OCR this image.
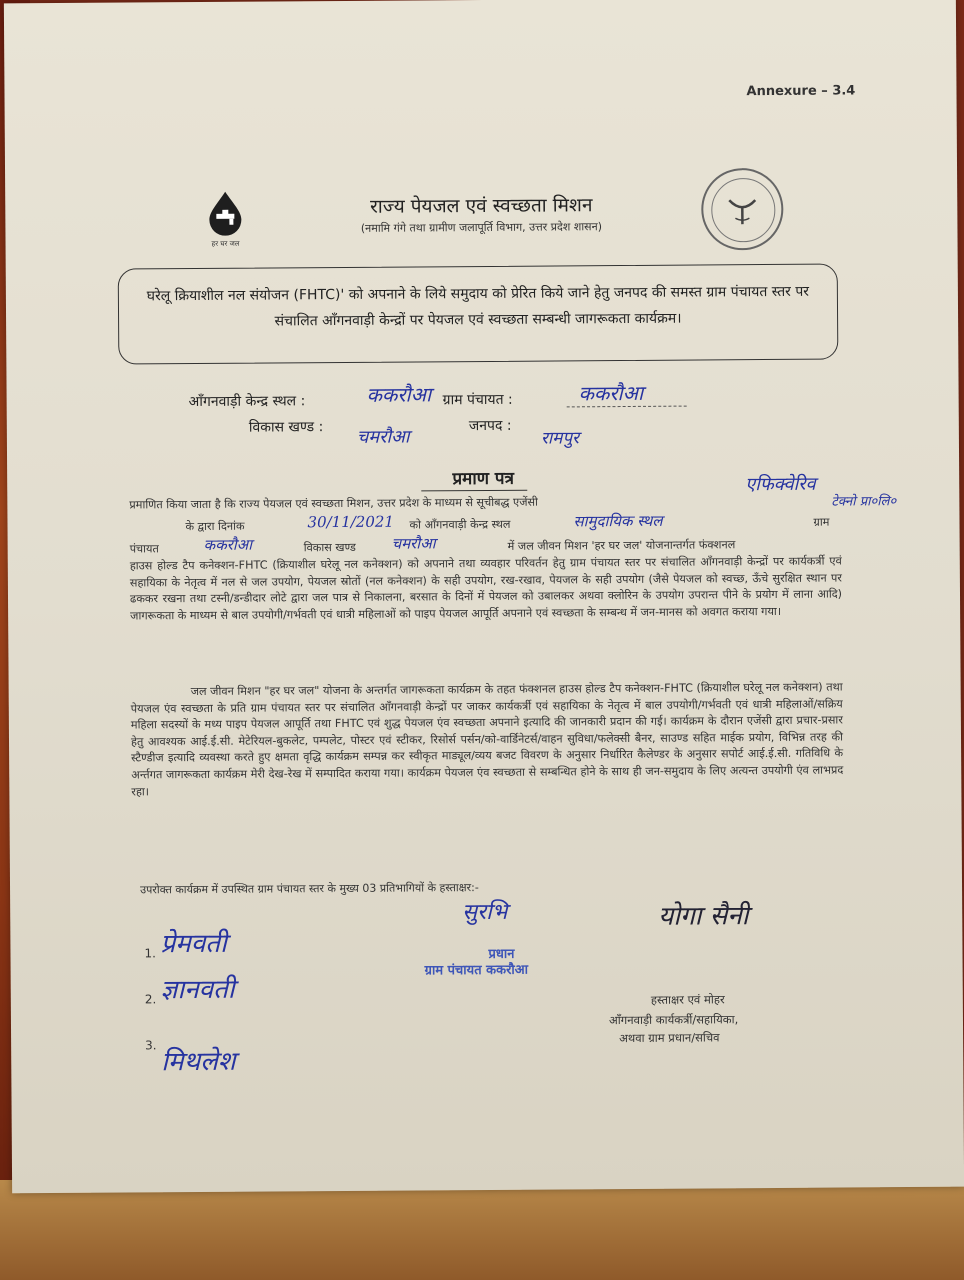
Annexure – 3.4
हर घर जल
राज्य पेयजल एवं स्वच्छता मिशन
(नमामि गंगे तथा ग्रामीण जलापूर्ति विभाग, उत्तर प्रदेश शासन)
घरेलू क्रियाशील नल संयोजन (FHTC)' को अपनाने के लिये समुदाय को प्रेरित किये जाने हेतु जनपद की समस्त ग्राम पंचायत स्तर पर संचालित आँगनवाड़ी केन्द्रों पर पेयजल एवं स्वच्छता सम्बन्धी जागरूकता कार्यक्रम।
आँगनवाड़ी केन्द्र स्थल :	ककरौआ ग्राम पंचायत :	ककरौआ
विकास खण्ड : चमरौआ
जनपद :
रामपुर
प्रमाण पत्र	एफिक्वेरिव
टेक्नो प्रा०लि०
प्रमाणित किया जाता है कि राज्य पेयजल एवं स्वच्छता मिशन, उत्तर प्रदेश के माध्यम से सूचीबद्ध एजेंसी
के द्वारा दिनांक	30/11/2021 को आँगनवाड़ी केन्द्र स्थल	सामुदायिक स्थल	ग्राम
पंचायत	ककरौआ	विकास खण्ड	चमरौआ	में जल जीवन मिशन 'हर घर जल' योजनान्तर्गत फंक्शनल
हाउस होल्ड टैप कनेक्शन-FHTC (क्रियाशील घरेलू नल कनेक्शन) को अपनाने तथा व्यवहार परिवर्तन हेतु ग्राम पंचायत स्तर पर संचालित आँगनवाड़ी केन्द्रों पर कार्यकर्त्री एवं सहायिका के नेतृत्व में नल से जल उपयोग, पेयजल स्रोतों (नल कनेक्शन) के सही उपयोग, रख-रखाव, पेयजल के सही उपयोग (जैसे पेयजल को स्वच्छ, ऊँचे सुरक्षित स्थान पर ढककर रखना तथा टस्नी/डन्डीदार लोटे द्वारा जल पात्र से निकालना, बरसात के दिनों में पेयजल को उबालकर अथवा क्लोरिन के उपयोग उपरान्त पीने के प्रयोग में लाना आदि) जागरूकता के माध्यम से बाल उपयोगी/गर्भवती एवं धात्री महिलाओं को पाइप पेयजल आपूर्ति अपनाने एवं स्वच्छता के सम्बन्ध में जन-मानस को अवगत कराया गया।
जल जीवन मिशन "हर घर जल" योजना के अन्तर्गत जागरूकता कार्यक्रम के तहत फंक्शनल हाउस होल्ड टैप कनेक्शन-FHTC (क्रियाशील घरेलू नल कनेक्शन) तथा पेयजल एंव स्वच्छता के प्रति ग्राम पंचायत स्तर पर संचालित आँगनवाड़ी केन्द्रों पर जाकर कार्यकर्त्री एवं सहायिका के नेतृत्व में बाल उपयोगी/गर्भवती एवं धात्री महिलाओं/सक्रिय महिला सदस्यों के मध्य पाइप पेयजल आपूर्ति तथा FHTC एवं शुद्ध पेयजल एंव स्वच्छता अपनाने इत्यादि की जानकारी प्रदान की गई। कार्यक्रम के दौरान एजेंसी द्वारा प्रचार-प्रसार हेतु आवश्यक आई.ई.सी. मेटेरियल-बुकलेट, पम्पलेट, पोस्टर एवं स्टीकर, रिसोर्स पर्सन/को-वार्डिनेटर्स/वाहन सुविधा/फलेक्सी बैनर, साउण्ड सहित माईक प्रयोग, विभिन्न तरह की स्टैण्डीज इत्यादि व्यवस्था करते हुए क्षमता वृद्धि कार्यक्रम सम्पन्न कर स्वीकृत माड्यूल/व्यय बजट विवरण के अनुसार निर्धारित कैलेण्डर के अनुसार सपोर्ट आई.ई.सी. गतिविधि के अर्न्तगत जागरूकता कार्यक्रम मेरी देख-रेख में सम्पादित कराया गया। कार्यक्रम पेयजल एंव स्वच्छता से सम्बन्धित होने के साथ ही जन-समुदाय के लिए अत्यन्त उपयोगी एंव लाभप्रद रहा।
उपरोक्त कार्यक्रम में उपस्थित ग्राम पंचायत स्तर के मुख्य 03 प्रतिभागियों के हस्ताक्षर:-
1. प्रेमवती
2. ज्ञानवती
3.
मिथलेश
सुरभि
प्रधान
ग्राम पंचायत ककरौआ
योगा सैनी
हस्ताक्षर एवं मोहर
आँगनवाड़ी कार्यकर्त्री/सहायिका,
अथवा ग्राम प्रधान/सचिव
